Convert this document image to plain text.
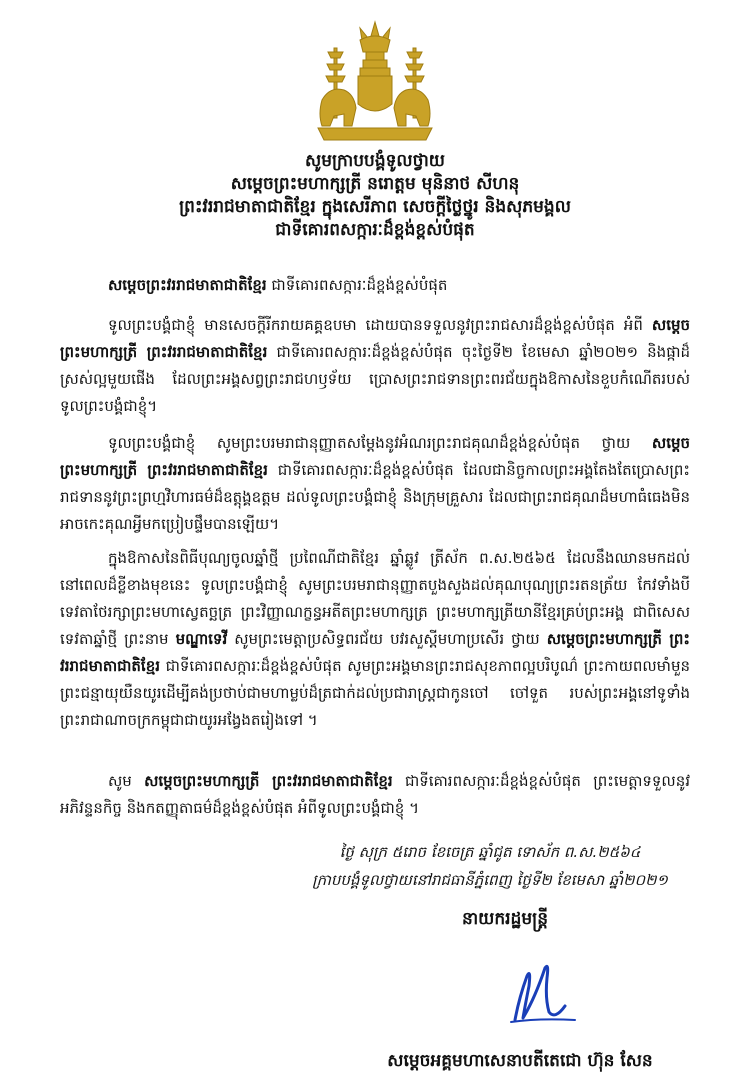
សូមក្រាបបង្គំទូលថ្វាយ
សម្តេចព្រះមហាក្សត្រី នរោត្តម មុនិនាថ សីហនុ
ព្រះវររាជមាតាជាតិខ្មែរ ក្នុងសេរីភាព សេចក្តីថ្លៃថ្នូរ និងសុភមង្គល
ជាទីគោរពសក្ការៈដ៏ខ្ពង់ខ្ពស់បំផុត
សម្តេចព្រះវររាជមាតាជាតិខ្មែរ ជាទីគោរពសក្ការៈដ៏ខ្ពង់ខ្ពស់បំផុត
ទូលព្រះបង្គំជាខ្ញុំ មានសេចក្តីរីករាយគគ្គឧបមា ដោយបានទទួលនូវព្រះរាជសារដ៏ខ្ពង់ខ្ពស់បំផុត អំពី សម្តេចព្រះមហាក្សត្រី ព្រះវររាជមាតាជាតិខ្មែរ ជាទីគោរពសក្ការៈដ៏ខ្ពង់ខ្ពស់បំផុត ចុះថ្ងៃទី២ ខែមេសា ឆ្នាំ២០២១ និងផ្កាដ៏ស្រស់ល្អមួយផើង ដែលព្រះអង្គសព្វព្រះរាជហឫទ័យ ប្រោសព្រះរាជទានព្រះពរជ័យក្នុងឱកាសនៃខួបកំណើតរបស់ទូលព្រះបង្គំជាខ្ញុំ។
ទូលព្រះបង្គំជាខ្ញុំ សូមព្រះបរមរាជានុញ្ញាតសម្តែងនូវអំណរព្រះរាជគុណដ៏ខ្ពង់ខ្ពស់បំផុត ថ្វាយ សម្តេចព្រះមហាក្សត្រី ព្រះវររាជមាតាជាតិខ្មែរ ជាទីគោរពសក្ការៈដ៏ខ្ពង់ខ្ពស់បំផុត ដែលជានិច្ចកាលព្រះអង្គតែងតែប្រោសព្រះរាជទាននូវព្រះព្រហ្មវិហារធម៌ដ៏ឧត្តុង្គឧត្តម ដល់ទូលព្រះបង្គំជាខ្ញុំ និងក្រុមគ្រួសារ ដែលជាព្រះរាជគុណដ៏មហាធំធេងមិនអាចកេះគុណអ្វីមកប្រៀបផ្ទឹមបានឡើយ។
ក្នុងឱកាសនៃពិធីបុណ្យចូលឆ្នាំថ្មី ប្រពៃណីជាតិខ្មែរ ឆ្នាំឆ្លូវ ត្រីស័ក ព.ស.២៥៦៥ ដែលនឹងឈានមកដល់នៅពេលដ៏ខ្លីខាងមុខនេះ ទូលព្រះបង្គំជាខ្ញុំ សូមព្រះបរមរាជានុញ្ញាតបួងសួងដល់គុណបុណ្យព្រះរតនត្រ័យ កែវទាំងបី ទេវតាថែរក្សាព្រះមហាស្វេតច្ឆត្រ ព្រះវិញ្ញាណក្ខន្ធអតីតព្រះមហាក្សត្រ ព្រះមហាក្សត្រីយានីខ្មែរគ្រប់ព្រះអង្គ ជាពិសេសទេវតាឆ្នាំថ្មី ព្រះនាម មណ្ឌាទេវី សូមព្រះមេត្តាប្រសិទ្ធពរជ័យ បវរសួស្តីមហាប្រសើរ ថ្វាយ សម្តេចព្រះមហាក្សត្រី ព្រះវររាជមាតាជាតិខ្មែរ ជាទីគោរពសក្ការៈដ៏ខ្ពង់ខ្ពស់បំផុត សូមព្រះអង្គមានព្រះរាជសុខភាពល្អបរិបូណ៌ ព្រះកាយពលមាំមួន ព្រះជន្មាយុយឺនយូរដើម្បីគង់ប្រថាប់ជាមហាម្លប់ដ៏ត្រជាក់ដល់ប្រជារាស្ត្រជាកូនចៅ ចៅទួត របស់ព្រះអង្គនៅទូទាំងព្រះរាជាណាចក្រកម្ពុជាជាយូរអង្វែងតរៀងទៅ ។
សូម សម្តេចព្រះមហាក្សត្រី ព្រះវររាជមាតាជាតិខ្មែរ ជាទីគោរពសក្ការៈដ៏ខ្ពង់ខ្ពស់បំផុត ព្រះមេត្តាទទួលនូវអភិវន្ទនកិច្ច និងកតញ្ញុតាធម៌ដ៏ខ្ពង់ខ្ពស់បំផុត អំពីទូលព្រះបង្គំជាខ្ញុំ ។
ថ្ងៃ សុក្រ ៥រោច ខែចេត្រ ឆ្នាំជូត ទោស័ក ព.ស.២៥៦៤
ក្រាបបង្គំទូលថ្វាយនៅរាជធានីភ្នំពេញ ថ្ងៃទី២ ខែមេសា ឆ្នាំ២០២១
នាយករដ្ឋមន្ត្រី
សម្តេចអគ្គមហាសេនាបតីតេជោ ហ៊ុន សែន
